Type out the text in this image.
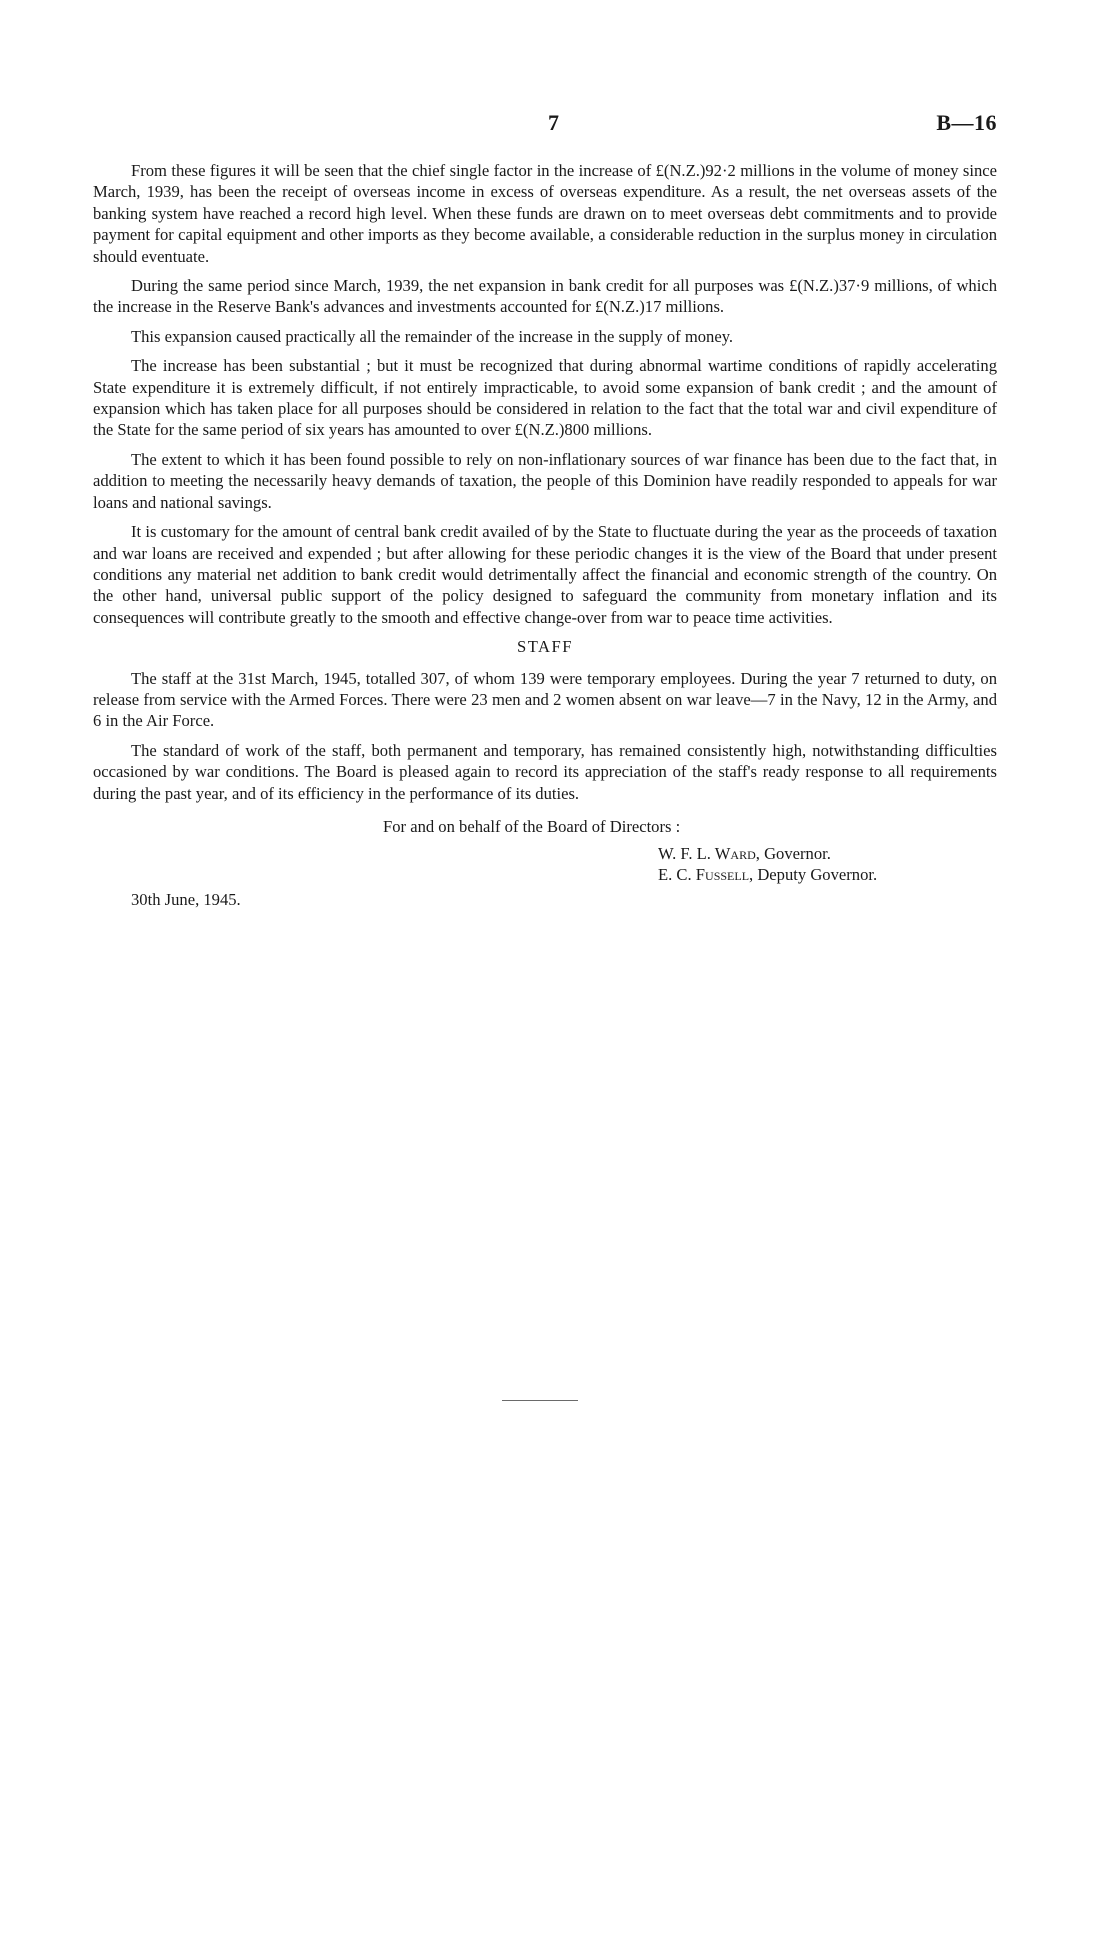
7	B—16

From these figures it will be seen that the chief single factor in the increase of £(N.Z.)92·2 millions in the volume of money since March, 1939, has been the receipt of overseas income in excess of overseas expenditure. As a result, the net overseas assets of the banking system have reached a record high level. When these funds are drawn on to meet overseas debt commitments and to provide payment for capital equipment and other imports as they become available, a considerable reduction in the surplus money in circulation should eventuate.

During the same period since March, 1939, the net expansion in bank credit for all purposes was £(N.Z.)37·9 millions, of which the increase in the Reserve Bank's advances and investments accounted for £(N.Z.)17 millions.

This expansion caused practically all the remainder of the increase in the supply of money.

The increase has been substantial ; but it must be recognized that during abnormal wartime conditions of rapidly accelerating State expenditure it is extremely difficult, if not entirely impracticable, to avoid some expansion of bank credit ; and the amount of expansion which has taken place for all purposes should be considered in relation to the fact that the total war and civil expenditure of the State for the same period of six years has amounted to over £(N.Z.)800 millions.

The extent to which it has been found possible to rely on non-inflationary sources of war finance has been due to the fact that, in addition to meeting the necessarily heavy demands of taxation, the people of this Dominion have readily responded to appeals for war loans and national savings.

It is customary for the amount of central bank credit availed of by the State to fluctuate during the year as the proceeds of taxation and war loans are received and expended ; but after allowing for these periodic changes it is the view of the Board that under present conditions any material net addition to bank credit would detrimentally affect the financial and economic strength of the country. On the other hand, universal public support of the policy designed to safeguard the community from monetary inflation and its consequences will contribute greatly to the smooth and effective change-over from war to peace time activities.

STAFF

The staff at the 31st March, 1945, totalled 307, of whom 139 were temporary employees. During the year 7 returned to duty, on release from service with the Armed Forces. There were 23 men and 2 women absent on war leave—7 in the Navy, 12 in the Army, and 6 in the Air Force.

The standard of work of the staff, both permanent and temporary, has remained consistently high, notwithstanding difficulties occasioned by war conditions. The Board is pleased again to record its appreciation of the staff's ready response to all requirements during the past year, and of its efficiency in the performance of its duties.

For and on behalf of the Board of Directors :
W. F. L. Ward, Governor.
E. C. Fussell, Deputy Governor.
30th June, 1945.
